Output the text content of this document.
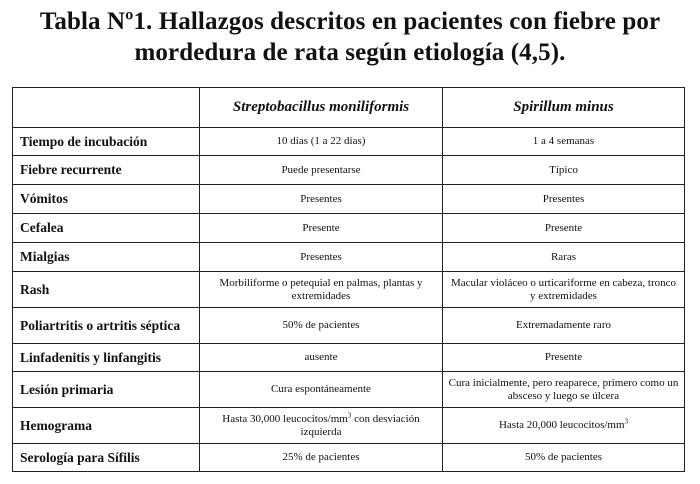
Tabla Nº1. Hallazgos descritos en pacientes con fiebre por
mordedura de rata según etiología (4,5).
	Streptobacillus moniliformis	Spirillum minus
Tiempo de incubación	10 días (1 a 22 días)	1 a 4 semanas
Fiebre recurrente	Puede presentarse	Típico
Vómitos	Presentes	Presentes
Cefalea	Presente	Presente
Mialgias	Presentes	Raras
Rash	Morbiliforme o petequial en palmas, plantas y extremidades	Macular violáceo o urticariforme en cabeza, tronco y extremidades
Poliartritis o artritis séptica	50% de pacientes	Extremadamente raro
Linfadenitis y linfangitis	ausente	Presente
Lesión primaria	Cura espontáneamente	Cura inicialmente, pero reaparece, primero como un absceso y luego se úlcera
Hemograma	Hasta 30,000 leucocitos/$mm^3$ con desviación izquierda	Hasta 20,000 leucocitos/$mm^3$
Serología para Sífilis	25% de pacientes	50% de pacientes
